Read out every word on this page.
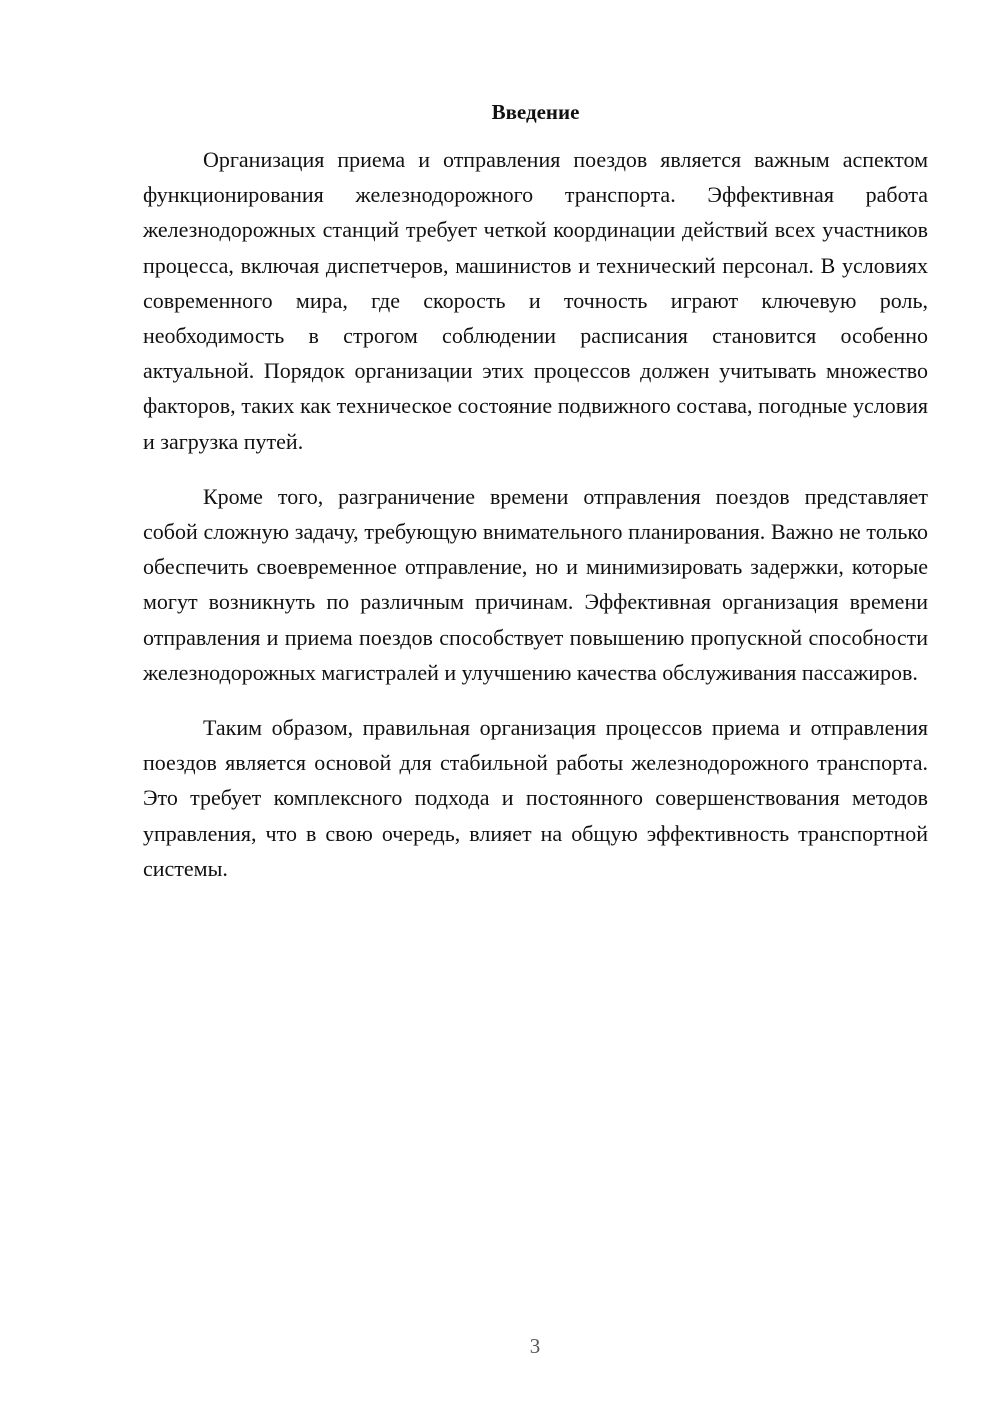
Введение

Организация приема и отправления поездов является важным аспектом функционирования железнодорожного транспорта. Эффективная работа железнодорожных станций требует четкой координации действий всех участников процесса, включая диспетчеров, машинистов и технический персонал. В условиях современного мира, где скорость и точность играют ключевую роль, необходимость в строгом соблюдении расписания становится особенно актуальной. Порядок организации этих процессов должен учитывать множество факторов, таких как техническое состояние подвижного состава, погодные условия и загрузка путей.

Кроме того, разграничение времени отправления поездов представляет собой сложную задачу, требующую внимательного планирования. Важно не только обеспечить своевременное отправление, но и минимизировать задержки, которые могут возникнуть по различным причинам. Эффективная организация времени отправления и приема поездов способствует повышению пропускной способности железнодорожных магистралей и улучшению качества обслуживания пассажиров.

Таким образом, правильная организация процессов приема и отправления поездов является основой для стабильной работы железнодорожного транспорта. Это требует комплексного подхода и постоянного совершенствования методов управления, что в свою очередь, влияет на общую эффективность транспортной системы.

3
